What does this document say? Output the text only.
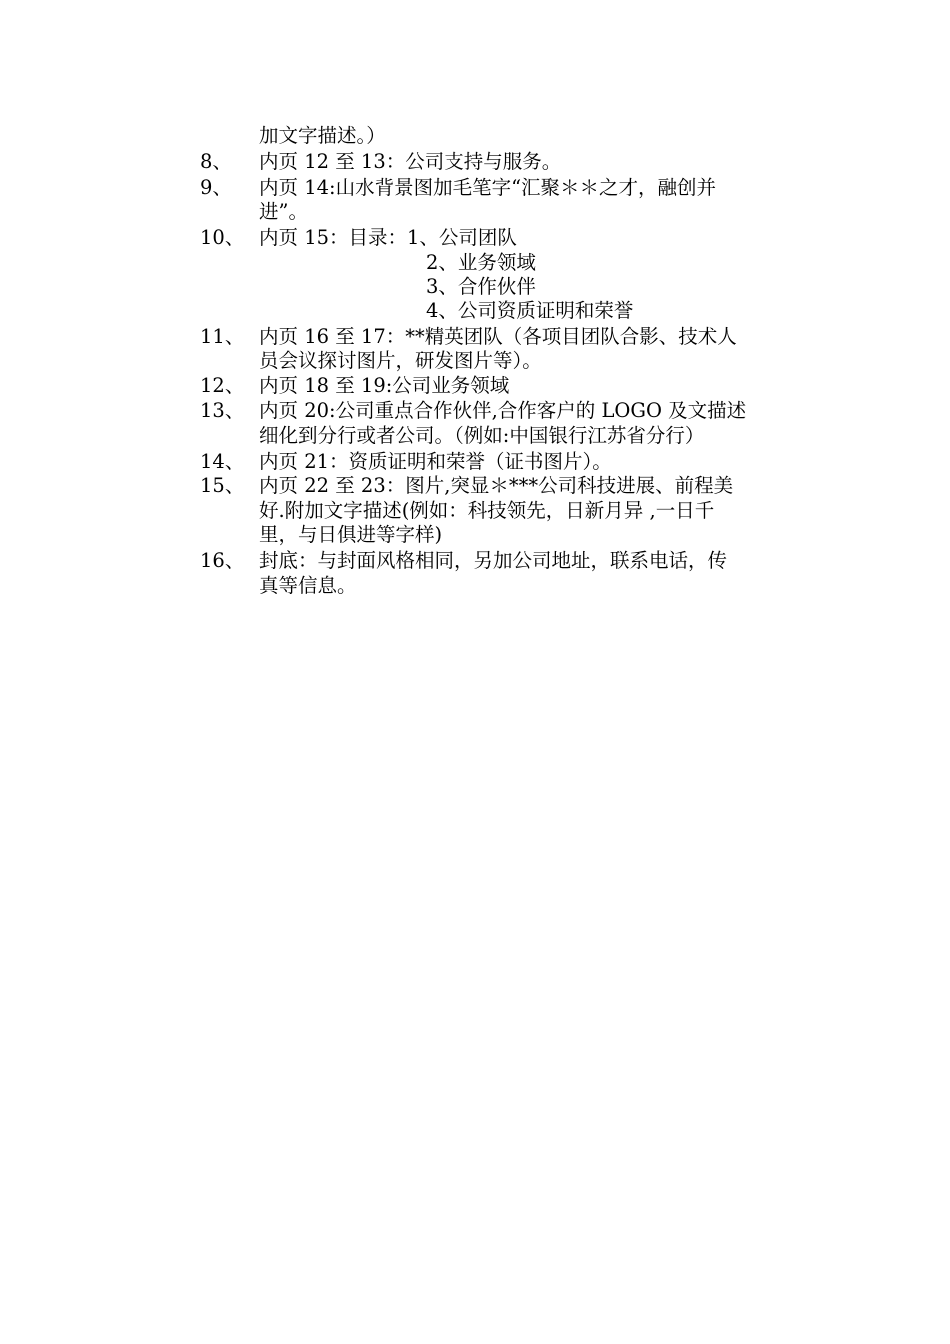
加文字描述。）
8、 内页 12 至 13：公司支持与服务。
9、 内页 14:山水背景图加毛笔字“汇聚＊＊之才，融创并
进”。
10、 内页 15：目录：1、公司团队
2、业务领域
3、合作伙伴
4、公司资质证明和荣誉
11、 内页 16 至 17：**精英团队（各项目团队合影、技术人
员会议探讨图片，研发图片等）。
12、 内页 18 至 19:公司业务领域
13、 内页 20:公司重点合作伙伴,合作客户的 LOGO 及文描述
细化到分行或者公司。（例如:中国银行江苏省分行）
14、 内页 21：资质证明和荣誉（证书图片）。
15、 内页 22 至 23：图片,突显＊***公司科技进展、前程美
好.附加文字描述(例如：科技领先，日新月异 ,一日千
里，与日俱进等字样)
16、 封底：与封面风格相同，另加公司地址，联系电话，传
真等信息。
